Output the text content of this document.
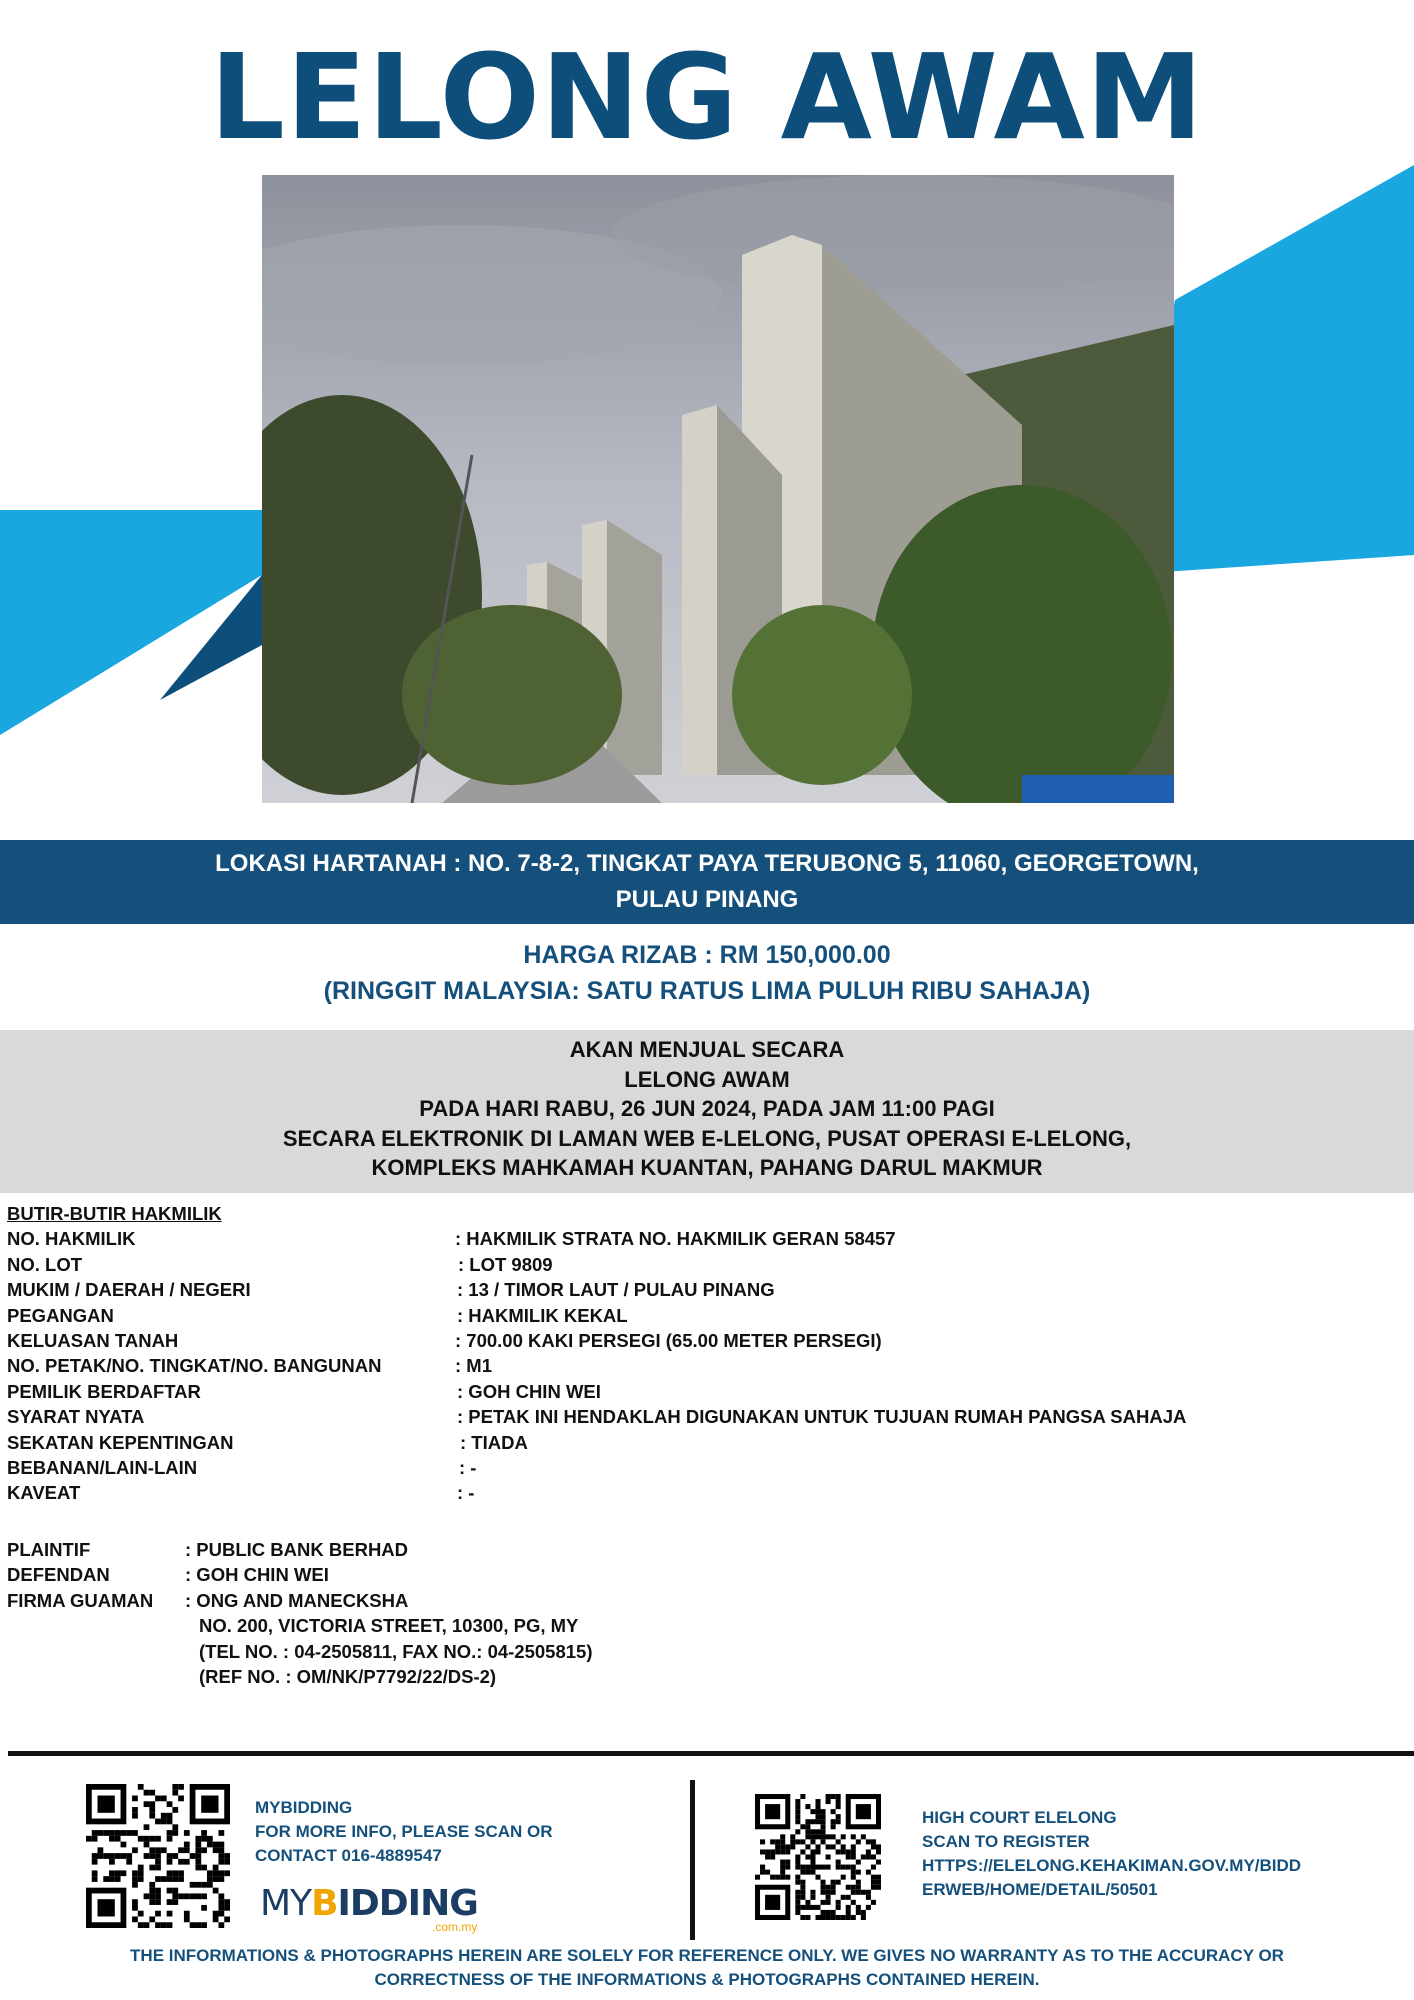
LELONG AWAM
LOKASI HARTANAH : NO. 7-8-2, TINGKAT PAYA TERUBONG 5, 11060, GEORGETOWN,
PULAU PINANG
HARGA RIZAB : RM 150,000.00
(RINGGIT MALAYSIA: SATU RATUS LIMA PULUH RIBU SAHAJA)
AKAN MENJUAL SECARA
LELONG AWAM
PADA HARI RABU, 26 JUN 2024, PADA JAM 11:00 PAGI
SECARA ELEKTRONIK DI LAMAN WEB E-LELONG, PUSAT OPERASI E-LELONG,
KOMPLEKS MAHKAMAH KUANTAN, PAHANG DARUL MAKMUR
BUTIR-BUTIR HAKMILIK
NO. HAKMILIK	: HAKMILIK STRATA NO. HAKMILIK GERAN 58457
NO. LOT	: LOT 9809
MUKIM / DAERAH / NEGERI	: 13 / TIMOR LAUT / PULAU PINANG
PEGANGAN	: HAKMILIK KEKAL
KELUASAN TANAH	: 700.00 KAKI PERSEGI (65.00 METER PERSEGI)
NO. PETAK/NO. TINGKAT/NO. BANGUNAN	: M1
PEMILIK BERDAFTAR	: GOH CHIN WEI
SYARAT NYATA	: PETAK INI HENDAKLAH DIGUNAKAN UNTUK TUJUAN RUMAH PANGSA SAHAJA
SEKATAN KEPENTINGAN	: TIADA
BEBANAN/LAIN-LAIN	: -
KAVEAT	: -
PLAINTIF	: PUBLIC BANK BERHAD
DEFENDAN	: GOH CHIN WEI
FIRMA GUAMAN : ONG AND MANECKSHA
NO. 200, VICTORIA STREET, 10300, PG, MY
(TEL NO. : 04-2505811, FAX NO.: 04-2505815)
(REF NO. : OM/NK/P7792/22/DS-2)
MYBIDDING
FOR MORE INFO, PLEASE SCAN OR
CONTACT 016-4889547
MYBIDDING
.com.my
HIGH COURT ELELONG
SCAN TO REGISTER
HTTPS://ELELONG.KEHAKIMAN.GOV.MY/BIDD
ERWEB/HOME/DETAIL/50501
THE INFORMATIONS & PHOTOGRAPHS HEREIN ARE SOLELY FOR REFERENCE ONLY. WE GIVES NO WARRANTY AS TO THE ACCURACY OR
CORRECTNESS OF THE INFORMATIONS & PHOTOGRAPHS CONTAINED HEREIN.
